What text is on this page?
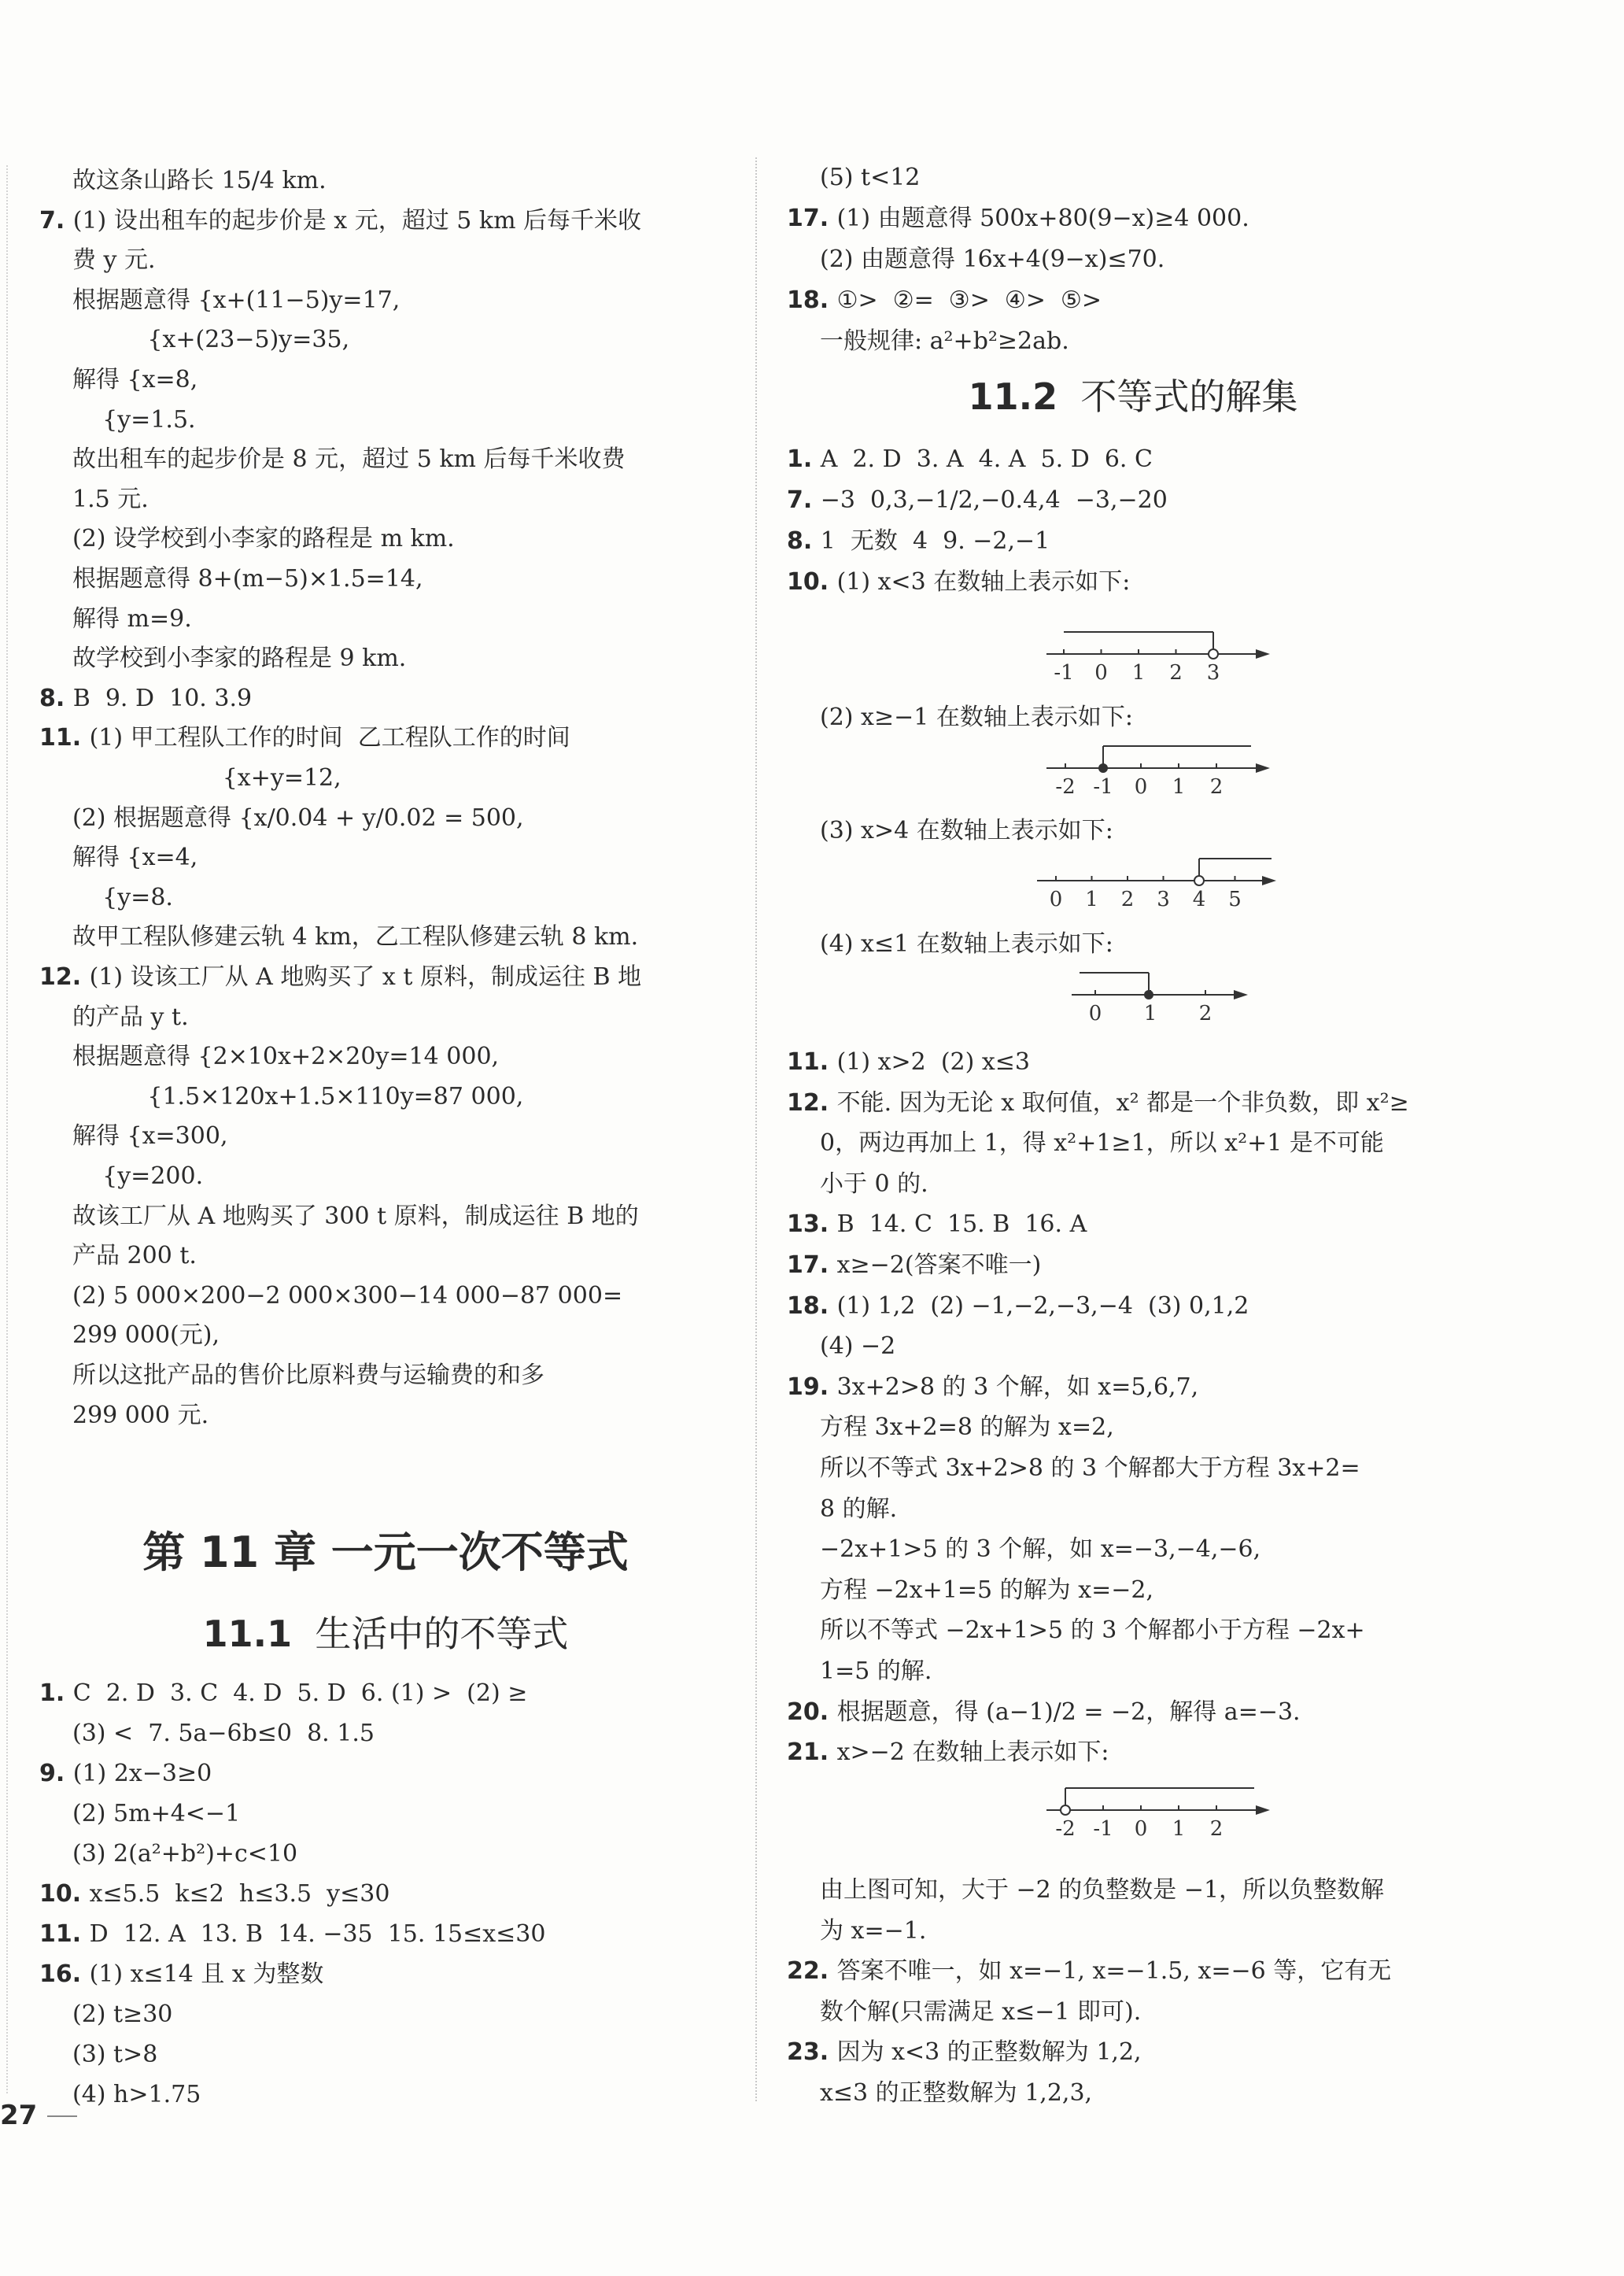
故这条山路长 15/4 km.
7. (1) 设出租车的起步价是 x 元，超过 5 km 后每千米收
费 y 元.
根据题意得 {x+(11−5)y=17,
{x+(23−5)y=35,
解得 {x=8,
{y=1.5.
故出租车的起步价是 8 元，超过 5 km 后每千米收费
1.5 元.
(2) 设学校到小李家的路程是 m km.
根据题意得 8+(m−5)×1.5=14,
解得 m=9.
故学校到小李家的路程是 9 km.
8. B  9. D  10. 3.9
11. (1) 甲工程队工作的时间  乙工程队工作的时间
{x+y=12,
(2) 根据题意得 {x/0.04 + y/0.02 = 500,
解得 {x=4,
{y=8.
故甲工程队修建云轨 4 km，乙工程队修建云轨 8 km.
12. (1) 设该工厂从 A 地购买了 x t 原料，制成运往 B 地
的产品 y t.
根据题意得 {2×10x+2×20y=14 000,
{1.5×120x+1.5×110y=87 000,
解得 {x=300,
{y=200.
故该工厂从 A 地购买了 300 t 原料，制成运往 B 地的
产品 200 t.
(2) 5 000×200−2 000×300−14 000−87 000=
299 000(元),
所以这批产品的售价比原料费与运输费的和多
299 000 元.
第 11 章 一元一次不等式
11.1 生活中的不等式
1. C  2. D  3. C  4. D  5. D  6. (1) >  (2) ≥
(3) <  7. 5a−6b≤0  8. 1.5
9. (1) 2x−3≥0
(2) 5m+4<−1
(3) 2(a²+b²)+c<10
10. x≤5.5  k≤2  h≤3.5  y≤30
11. D  12. A  13. B  14. −35  15. 15≤x≤30
16. (1) x≤14 且 x 为整数
(2) t≥30
(3) t>8
(4) h>1.75
(5) t<12
17. (1) 由题意得 500x+80(9−x)≥4 000.
(2) 由题意得 16x+4(9−x)≤70.
18. ①>  ②=  ③>  ④>  ⑤>
一般规律: a²+b²≥2ab.
11.2 不等式的解集
1. A  2. D  3. A  4. A  5. D  6. C
7. −3  0,3,−1/2,−0.4,4  −3,−20
8. 1  无数  4  9. −2,−1
10. (1) x<3 在数轴上表示如下:
-1 0 1 2 3
(2) x≥−1 在数轴上表示如下:
-2 -1 0 1 2
(3) x>4 在数轴上表示如下:
0 1 2 3 4 5
(4) x≤1 在数轴上表示如下:
0 1 2
11. (1) x>2  (2) x≤3
12. 不能. 因为无论 x 取何值，x² 都是一个非负数，即 x²≥
0，两边再加上 1，得 x²+1≥1，所以 x²+1 是不可能
小于 0 的.
13. B  14. C  15. B  16. A
17. x≥−2(答案不唯一)
18. (1) 1,2  (2) −1,−2,−3,−4  (3) 0,1,2
(4) −2
19. 3x+2>8 的 3 个解，如 x=5,6,7,
方程 3x+2=8 的解为 x=2,
所以不等式 3x+2>8 的 3 个解都大于方程 3x+2=
8 的解.
−2x+1>5 的 3 个解，如 x=−3,−4,−6,
方程 −2x+1=5 的解为 x=−2,
所以不等式 −2x+1>5 的 3 个解都小于方程 −2x+
1=5 的解.
20. 根据题意，得 (a−1)/2 = −2，解得 a=−3.
21. x>−2 在数轴上表示如下:
-2 -1 0 1 2
由上图可知，大于 −2 的负整数是 −1，所以负整数解
为 x=−1.
22. 答案不唯一，如 x=−1, x=−1.5, x=−6 等，它有无
数个解(只需满足 x≤−1 即可).
23. 因为 x<3 的正整数解为 1,2,
x≤3 的正整数解为 1,2,3,
27
